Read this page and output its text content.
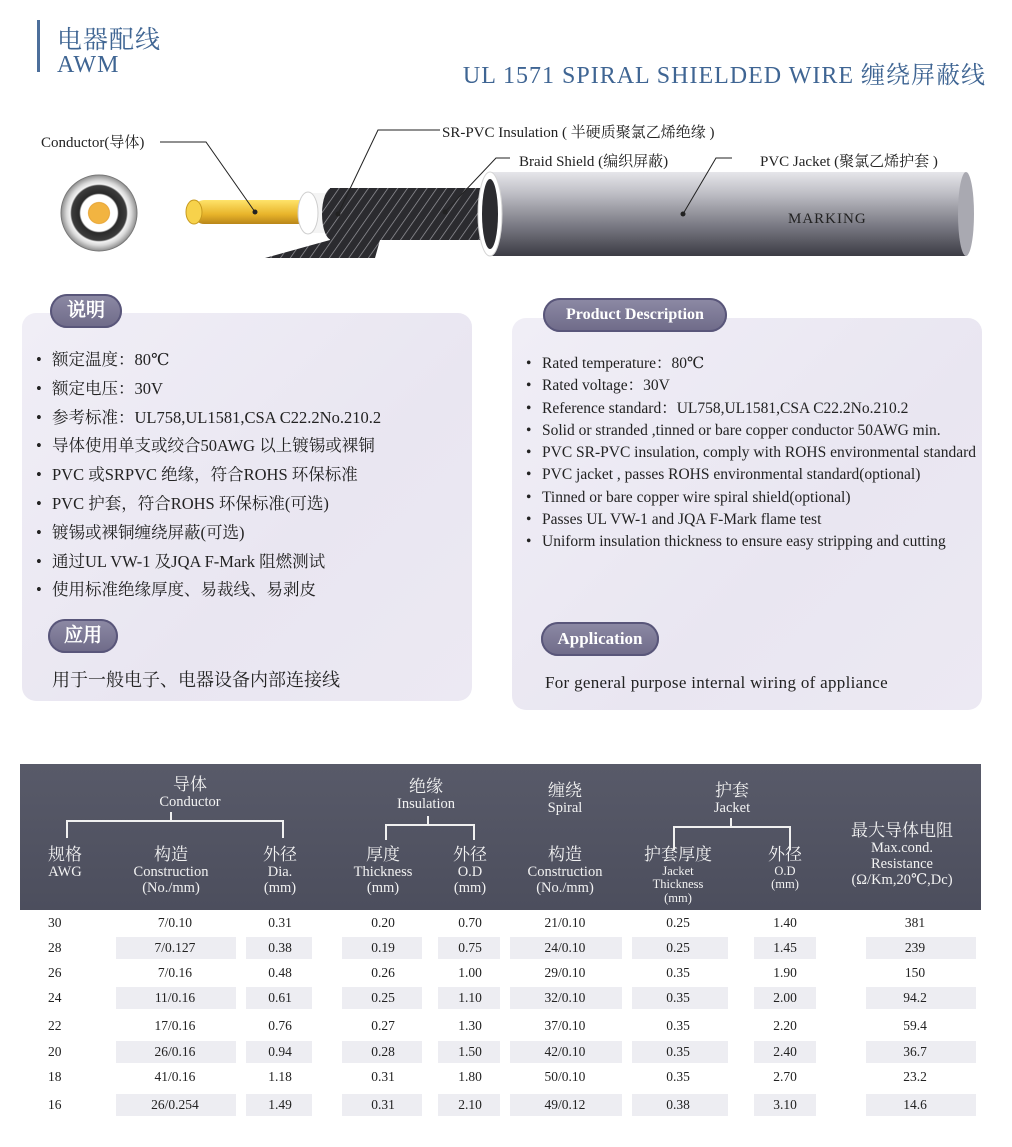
电器配线
AWM	UL 1571 SPIRAL SHIELDED WIRE 缠绕屏蔽线
Conductor(导体)
SR-PVC Insulation ( 半硬质聚氯乙烯绝缘 )
Braid Shield (编织屏蔽)	PVC Jacket (聚氯乙烯护套 )
MARKING
说明
• 额定温度：80℃
• 额定电压：30V
• 参考标准：UL758,UL1581,CSA C22.2No.210.2
• 导体使用单支或绞合50AWG 以上镀锡或裸铜
• PVC 或SRPVC 绝缘，符合ROHS 环保标准
• PVC 护套，符合ROHS 环保标准(可选)
• 镀锡或裸铜缠绕屏蔽(可选)
• 通过UL VW-1 及JQA F-Mark 阻燃测试
• 使用标准绝缘厚度、易裁线、易剥皮
应用
用于一般电子、电器设备内部连接线
Product Description
• Rated temperature：80℃
• Rated voltage：30V
• Reference standard：UL758,UL1581,CSA C22.2No.210.2
• Solid or stranded ,tinned or bare copper conductor 50AWG min.
• PVC SR-PVC insulation, comply with ROHS environmental standard
• PVC jacket , passes ROHS environmental standard(optional)
• Tinned or bare copper wire spiral shield(optional)
• Passes UL VW-1 and JQA F-Mark flame test
• Uniform insulation thickness to ensure easy stripping and cutting
Application
For general purpose internal wiring of appliance
导体
Conductor
绝缘
Insulation
缠绕
Spiral
护套
Jacket
规格
AWG
构造
Construction
(No./mm)
外径
Dia.
(mm)
厚度
Thickness
(mm)
外径
O.D
(mm)
构造
Construction
(No./mm)
护套厚度
Jacket
Thickness
(mm)
外径
O.D
(mm)
最大导体电阻
Max.cond.
Resistance
(Ω/Km,20℃,Dc)
30	7/0.10	0.31	0.20	0.70	21/0.10	0.25	1.40	381
28	7/0.127	0.38	0.19	0.75	24/0.10	0.25	1.45	239
26	7/0.16	0.48	0.26	1.00	29/0.10	0.35	1.90	150
24	11/0.16	0.61	0.25	1.10	32/0.10	0.35	2.00	94.2
22	17/0.16	0.76	0.27	1.30	37/0.10	0.35	2.20	59.4
20	26/0.16	0.94	0.28	1.50	42/0.10	0.35	2.40	36.7
18	41/0.16	1.18	0.31	1.80	50/0.10	0.35	2.70	23.2
16	26/0.254	1.49	0.31	2.10	49/0.12	0.38	3.10	14.6
